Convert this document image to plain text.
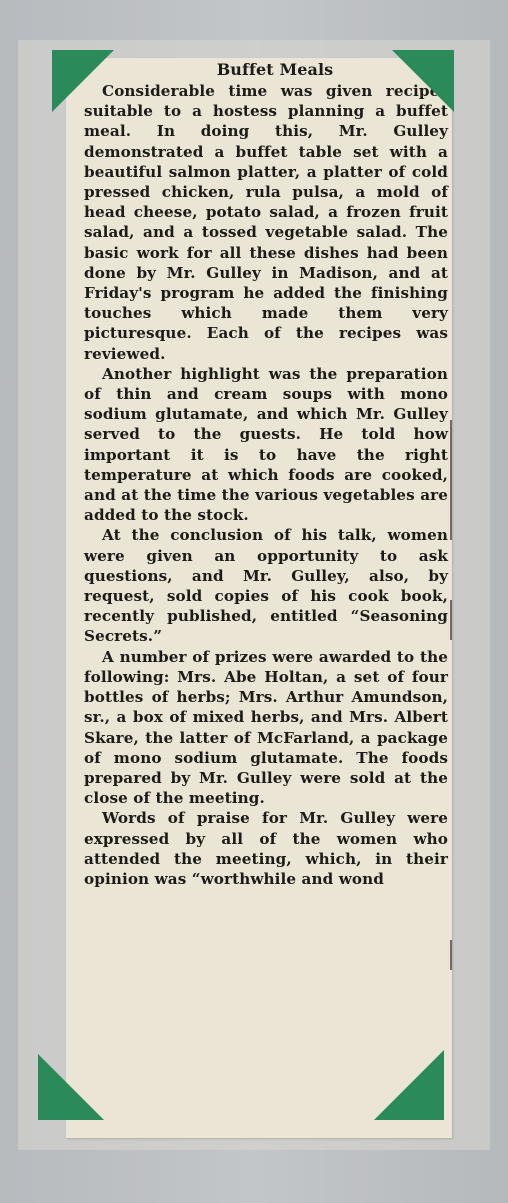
Buffet Meals

Considerable time was given recipes suitable to a hostess planning a buffet meal. In doing this, Mr. Gulley demonstrated a buffet table set with a beautiful salmon platter, a platter of cold pressed chicken, rula pulsa, a mold of head cheese, potato salad, a frozen fruit salad, and a tossed vegetable salad. The basic work for all these dishes had been done by Mr. Gulley in Madison, and at Friday's program he added the finishing touches which made them very picturesque. Each of the recipes was reviewed.

Another highlight was the preparation of thin and cream soups with mono sodium glutamate, and which Mr. Gulley served to the guests. He told how important it is to have the right temperature at which foods are cooked, and at the time the various vegetables are added to the stock.

At the conclusion of his talk, women were given an opportunity to ask questions, and Mr. Gulley, also, by request, sold copies of his cook book, recently published, entitled “Seasoning Secrets.”

A number of prizes were awarded to the following: Mrs. Abe Holtan, a set of four bottles of herbs; Mrs. Arthur Amundson, sr., a box of mixed herbs, and Mrs. Albert Skare, the latter of McFarland, a package of mono sodium glutamate. The foods prepared by Mr. Gulley were sold at the close of the meeting.

Words of praise for Mr. Gulley were expressed by all of the women who attended the meeting, which, in their opinion was “worthwhile and wond
